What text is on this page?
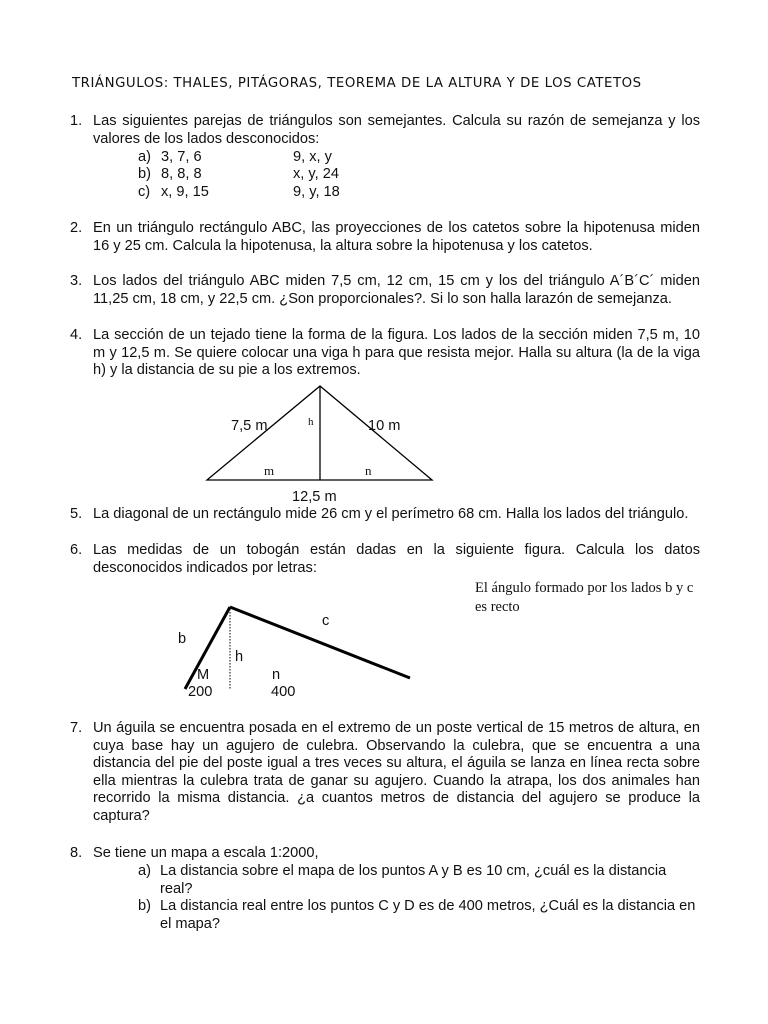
TRIÁNGULOS: THALES, PITÁGORAS, TEOREMA DE LA ALTURA Y DE LOS CATETOS
1. Las siguientes parejas de triángulos son semejantes. Calcula su razón de semejanza y los valores de los lados desconocidos:
a) 3, 7, 6	9, x, y
b) 8, 8, 8	x, y, 24
c) x, 9, 15	9, y, 18
2. En un triángulo rectángulo ABC, las proyecciones de los catetos sobre la hipotenusa miden 16 y 25 cm. Calcula la hipotenusa, la altura sobre la hipotenusa y los catetos.
3. Los lados del triángulo ABC miden 7,5 cm, 12 cm, 15 cm y los del triángulo A´B´C´ miden 11,25 cm, 18 cm, y 22,5 cm. ¿Son proporcionales?. Si lo son halla larazón de semejanza.
4. La sección de un tejado tiene la forma de la figura. Los lados de la sección miden 7,5 m, 10 m y 12,5 m. Se quiere colocar una viga h para que resista mejor. Halla su altura (la de la viga h) y la distancia de su pie a los extremos.
7,5 m	h	10 m
m	n
12,5 m
5. La diagonal de un rectángulo mide 26 cm y el perímetro 68 cm. Halla los lados del triángulo.
6. Las medidas de un tobogán están dadas en la siguiente figura. Calcula los datos desconocidos indicados por letras:
El ángulo formado por los lados b y c es recto
b
c
h
M	n
200	400
7. Un águila se encuentra posada en el extremo de un poste vertical de 15 metros de altura, en cuya base hay un agujero de culebra. Observando la culebra, que se encuentra a una distancia del pie del poste igual a tres veces su altura, el águila se lanza en línea recta sobre ella mientras la culebra trata de ganar su agujero. Cuando la atrapa, los dos animales han recorrido la misma distancia. ¿a cuantos metros de distancia del agujero se produce la captura?
8. Se tiene un mapa a escala 1:2000,
a) La distancia sobre el mapa de los puntos A y B es 10 cm, ¿cuál es la distancia real?
b) La distancia real entre los puntos C y D es de 400 metros, ¿Cuál es la distancia en el mapa?
